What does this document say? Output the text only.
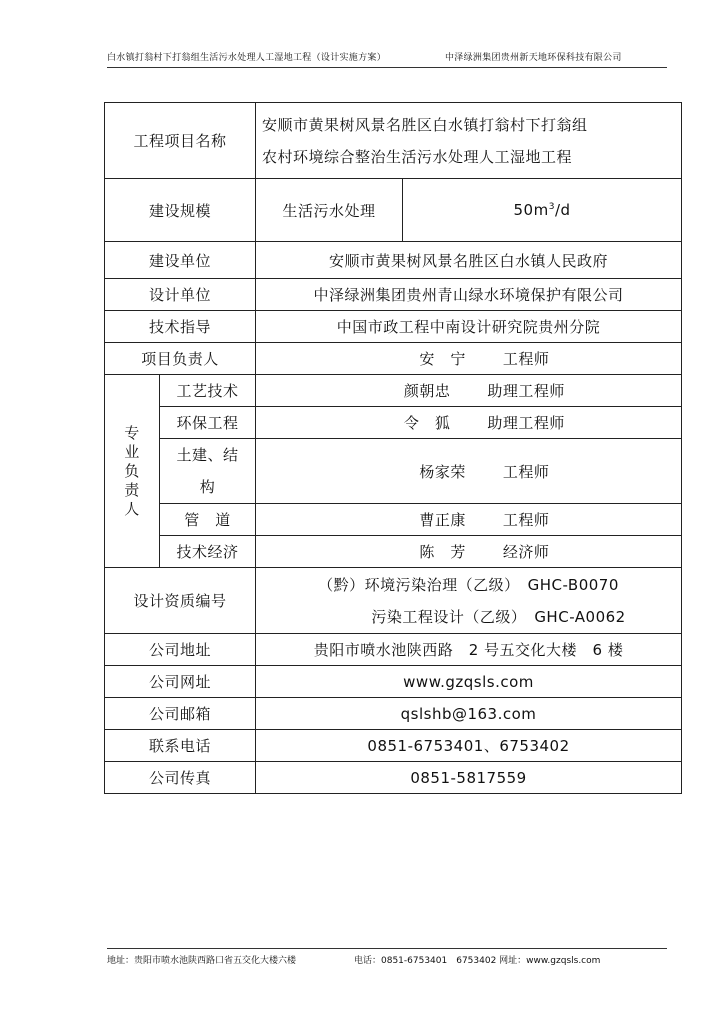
白水镇打翁村下打翁组生活污水处理人工湿地工程（设计实施方案）	中泽绿洲集团贵州新天地环保科技有限公司
工程项目名称		安顺市黄果树风景名胜区白水镇打翁村下打翁组
农村环境综合整治生活污水处理人工湿地工程	

建设规模		生活污水处理	$50m^3/d$
建设单位		安顺市黄果树风景名胜区白水镇人民政府	
设计单位		中泽绿洲集团贵州青山绿水环境保护有限公司	
技术指导		中国市政工程中南设计研究院贵州分院	
项目负责人		安　宁 工程师	
专业负责人	工艺技术	颜朝忠 助理工程师	
	环保工程	令　狐 助理工程师	

	土建、结
构	杨家荣 工程师	
	管　道	曹正康 工程师	
	技术经济	陈　芳 经济师	
设计资质编号		（黔）环境污染治理（乙级）　GHC-B0070
污染工程设计（乙级）　GHC-A0062	

公司地址		贵阳市喷水池陕西路　2 号五交化大楼　6 楼	
公司网址		www.gzqsls.com	
公司邮箱		qslshb@163.com	
联系电话		0851-6753401、6753402	
公司传真		0851-5817559	
地址：贵阳市喷水池陕西路口省五交化大楼六楼	电话：0851-6753401　6753402 网址：www.gzqsls.com
